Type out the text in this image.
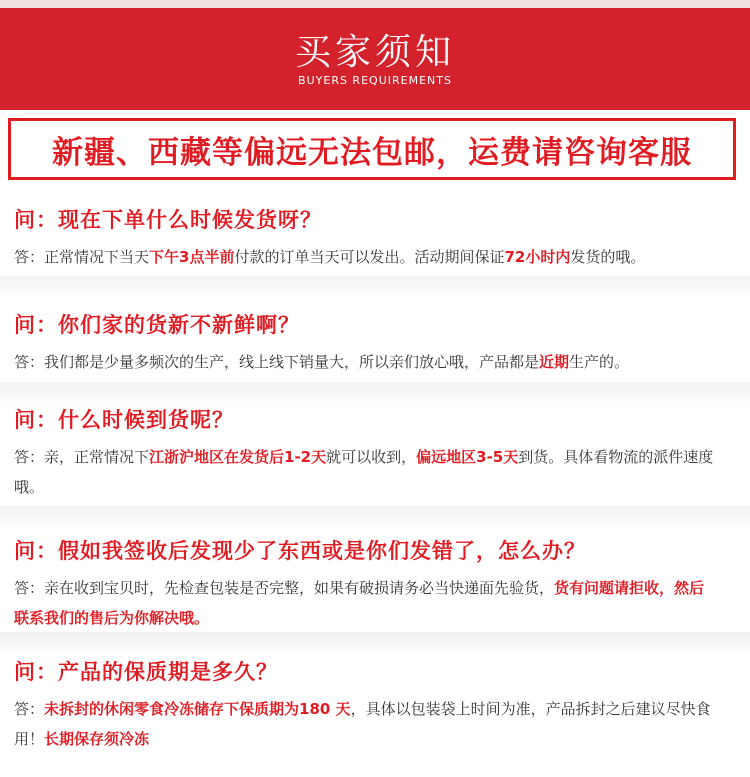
买家须知
BUYERS REQUIREMENTS
新疆、西藏等偏远无法包邮，运费请咨询客服
问：现在下单什么时候发货呀？
答：正常情况下当天下午3点半前付款的订单当天可以发出。活动期间保证72小时内发货的哦。
问：你们家的货新不新鲜啊？
答：我们都是少量多频次的生产，线上线下销量大，所以亲们放心哦，产品都是近期生产的。
问：什么时候到货呢？
答：亲，正常情况下江浙沪地区在发货后1-2天就可以收到，偏远地区3-5天到货。具体看物流的派件速度哦。
问：假如我签收后发现少了东西或是你们发错了，怎么办？
答：亲在收到宝贝时，先检查包装是否完整，如果有破损请务必当快递面先验货，货有问题请拒收，然后联系我们的售后为你解决哦。
问：产品的保质期是多久？
答：未拆封的休闲零食冷冻储存下保质期为180 天，具体以包装袋上时间为准，产品拆封之后建议尽快食用！长期保存须冷冻
